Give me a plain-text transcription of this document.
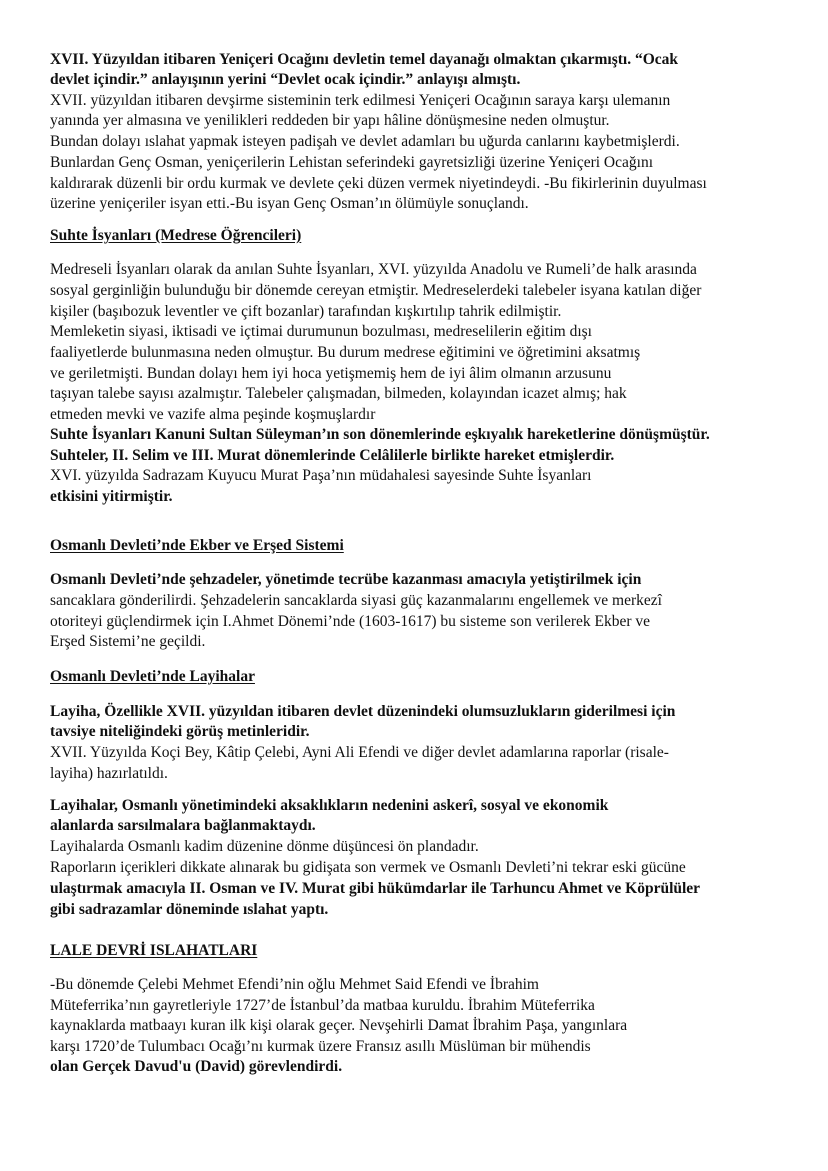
XVII. Yüzyıldan itibaren Yeniçeri Ocağını devletin temel dayanağı olmaktan çıkarmıştı. “Ocak
devlet içindir.” anlayışının yerini “Devlet ocak içindir.” anlayışı almıştı.
XVII. yüzyıldan itibaren devşirme sisteminin terk edilmesi Yeniçeri Ocağının saraya karşı ulemanın
yanında yer almasına ve yenilikleri reddeden bir yapı hâline dönüşmesine neden olmuştur.
Bundan dolayı ıslahat yapmak isteyen padişah ve devlet adamları bu uğurda canlarını kaybetmişlerdi.
Bunlardan Genç Osman, yeniçerilerin Lehistan seferindeki gayretsizliği üzerine Yeniçeri Ocağını
kaldırarak düzenli bir ordu kurmak ve devlete çeki düzen vermek niyetindeydi. -Bu fikirlerinin duyulması
üzerine yeniçeriler isyan etti.-Bu isyan Genç Osman’ın ölümüyle sonuçlandı.
Suhte İsyanları (Medrese Öğrencileri)
Medreseli İsyanları olarak da anılan Suhte İsyanları, XVI. yüzyılda Anadolu ve Rumeli’de halk arasında
sosyal gerginliğin bulunduğu bir dönemde cereyan etmiştir. Medreselerdeki talebeler isyana katılan diğer
kişiler (başıbozuk leventler ve çift bozanlar) tarafından kışkırtılıp tahrik edilmiştir.
Memleketin siyasi, iktisadi ve içtimai durumunun bozulması, medreselilerin eğitim dışı
faaliyetlerde bulunmasına neden olmuştur. Bu durum medrese eğitimini ve öğretimini aksatmış
ve geriletmişti. Bundan dolayı hem iyi hoca yetişmemiş hem de iyi âlim olmanın arzusunu
taşıyan talebe sayısı azalmıştır. Talebeler çalışmadan, bilmeden, kolayından icazet almış; hak
etmeden mevki ve vazife alma peşinde koşmuşlardır
Suhte İsyanları Kanuni Sultan Süleyman’ın son dönemlerinde eşkıyalık hareketlerine dönüşmüştür.
Suhteler, II. Selim ve III. Murat dönemlerinde Celâlilerle birlikte hareket etmişlerdir.
XVI. yüzyılda Sadrazam Kuyucu Murat Paşa’nın müdahalesi sayesinde Suhte İsyanları
etkisini yitirmiştir.
Osmanlı Devleti’nde Ekber ve Erşed Sistemi
Osmanlı Devleti’nde şehzadeler, yönetimde tecrübe kazanması amacıyla yetiştirilmek için
sancaklara gönderilirdi. Şehzadelerin sancaklarda siyasi güç kazanmalarını engellemek ve merkezî
otoriteyi güçlendirmek için I.Ahmet Dönemi’nde (1603-1617) bu sisteme son verilerek Ekber ve
Erşed Sistemi’ne geçildi.
Osmanlı Devleti’nde Layihalar
Layiha, Özellikle XVII. yüzyıldan itibaren devlet düzenindeki olumsuzlukların giderilmesi için
tavsiye niteliğindeki görüş metinleridir.
XVII. Yüzyılda Koçi Bey, Kâtip Çelebi, Ayni Ali Efendi ve diğer devlet adamlarına raporlar (risale-
layiha) hazırlatıldı.
Layihalar, Osmanlı yönetimindeki aksaklıkların nedenini askerî, sosyal ve ekonomik
alanlarda sarsılmalara bağlanmaktaydı.
Layihalarda Osmanlı kadim düzenine dönme düşüncesi ön plandadır.
Raporların içerikleri dikkate alınarak bu gidişata son vermek ve Osmanlı Devleti’ni tekrar eski gücüne
ulaştırmak amacıyla II. Osman ve IV. Murat gibi hükümdarlar ile Tarhuncu Ahmet ve Köprülüler
gibi sadrazamlar döneminde ıslahat yaptı.
LALE DEVRİ ISLAHATLARI
-Bu dönemde Çelebi Mehmet Efendi’nin oğlu Mehmet Said Efendi ve İbrahim
Müteferrika’nın gayretleriyle 1727’de İstanbul’da matbaa kuruldu. İbrahim Müteferrika
kaynaklarda matbaayı kuran ilk kişi olarak geçer. Nevşehirli Damat İbrahim Paşa, yangınlara
karşı 1720’de Tulumbacı Ocağı’nı kurmak üzere Fransız asıllı Müslüman bir mühendis
olan Gerçek Davud'u (David) görevlendirdi.
